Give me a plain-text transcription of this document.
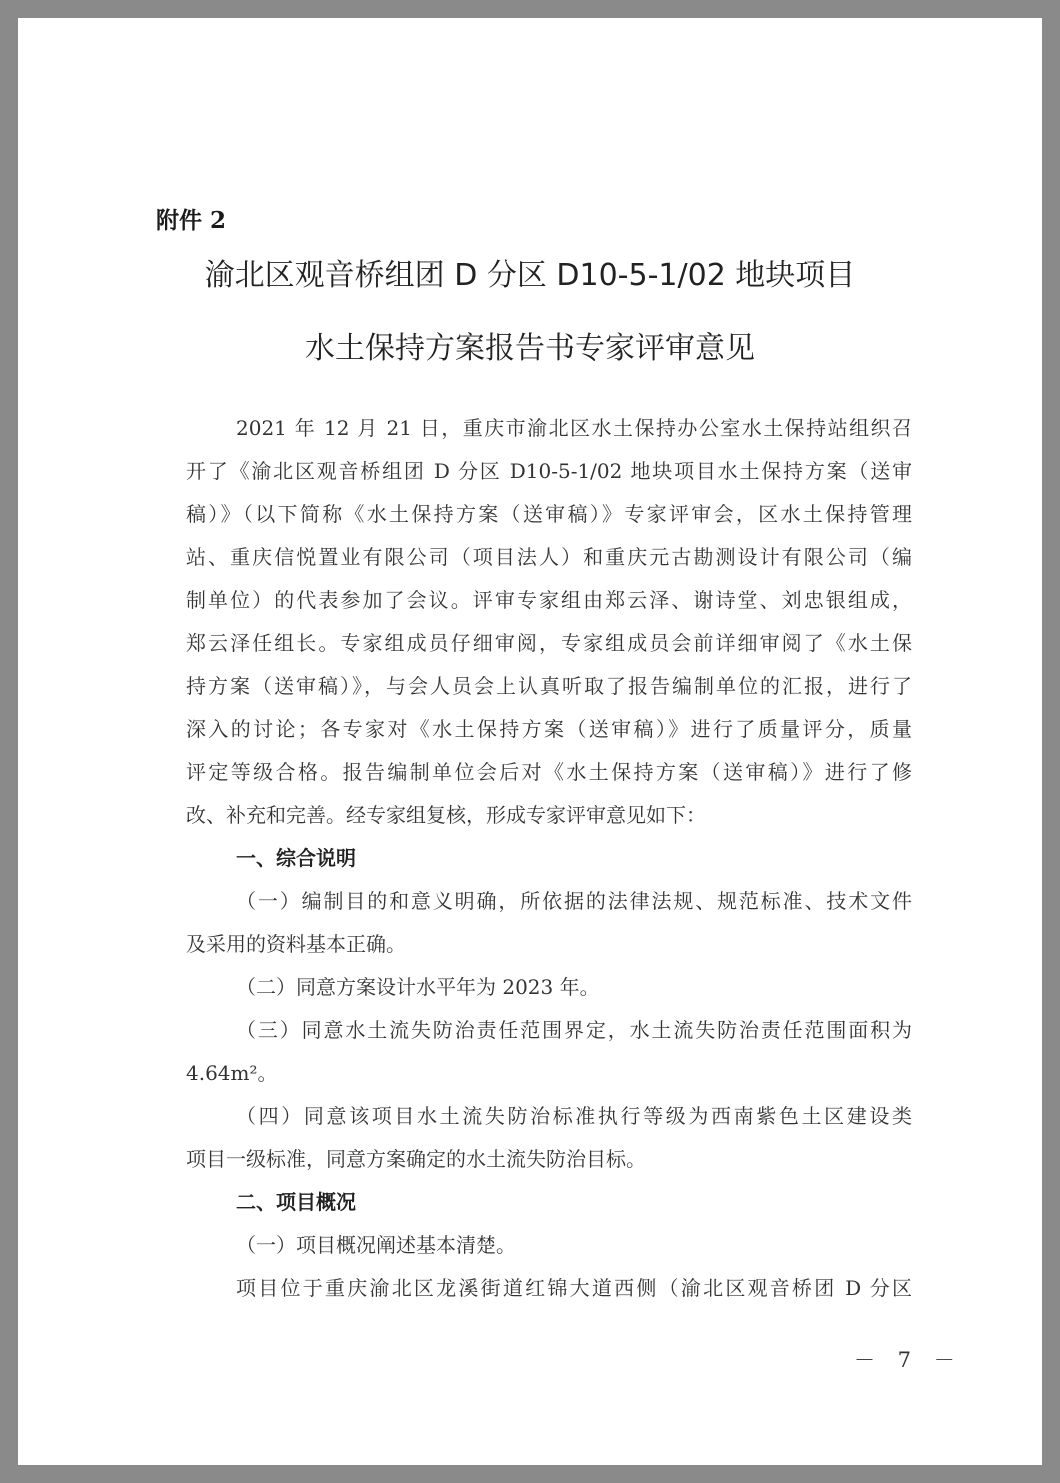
附件 2
渝北区观音桥组团 D 分区 D10-5-1/02 地块项目
水土保持方案报告书专家评审意见
2021 年 12 月 21 日，重庆市渝北区水土保持办公室水土保持站组织召
开了《渝北区观音桥组团 D 分区 D10-5-1/02 地块项目水土保持方案（送审
稿）》（以下简称《水土保持方案（送审稿）》专家评审会，区水土保持管理
站、重庆信悦置业有限公司（项目法人）和重庆元古勘测设计有限公司（编
制单位）的代表参加了会议。评审专家组由郑云泽、谢诗堂、刘忠银组成，
郑云泽任组长。专家组成员仔细审阅，专家组成员会前详细审阅了《水土保
持方案（送审稿）》，与会人员会上认真听取了报告编制单位的汇报，进行了
深入的讨论；各专家对《水土保持方案（送审稿）》进行了质量评分，质量
评定等级合格。报告编制单位会后对《水土保持方案（送审稿）》进行了修
改、补充和完善。经专家组复核，形成专家评审意见如下：
一、综合说明
（一）编制目的和意义明确，所依据的法律法规、规范标准、技术文件
及采用的资料基本正确。
（二）同意方案设计水平年为 2023 年。
（三）同意水土流失防治责任范围界定，水土流失防治责任范围面积为
4.64m²。
（四）同意该项目水土流失防治标准执行等级为西南紫色土区建设类
项目一级标准，同意方案确定的水土流失防治目标。
二、项目概况
（一）项目概况阐述基本清楚。
项目位于重庆渝北区龙溪街道红锦大道西侧（渝北区观音桥团 D 分区
－ 7 －
